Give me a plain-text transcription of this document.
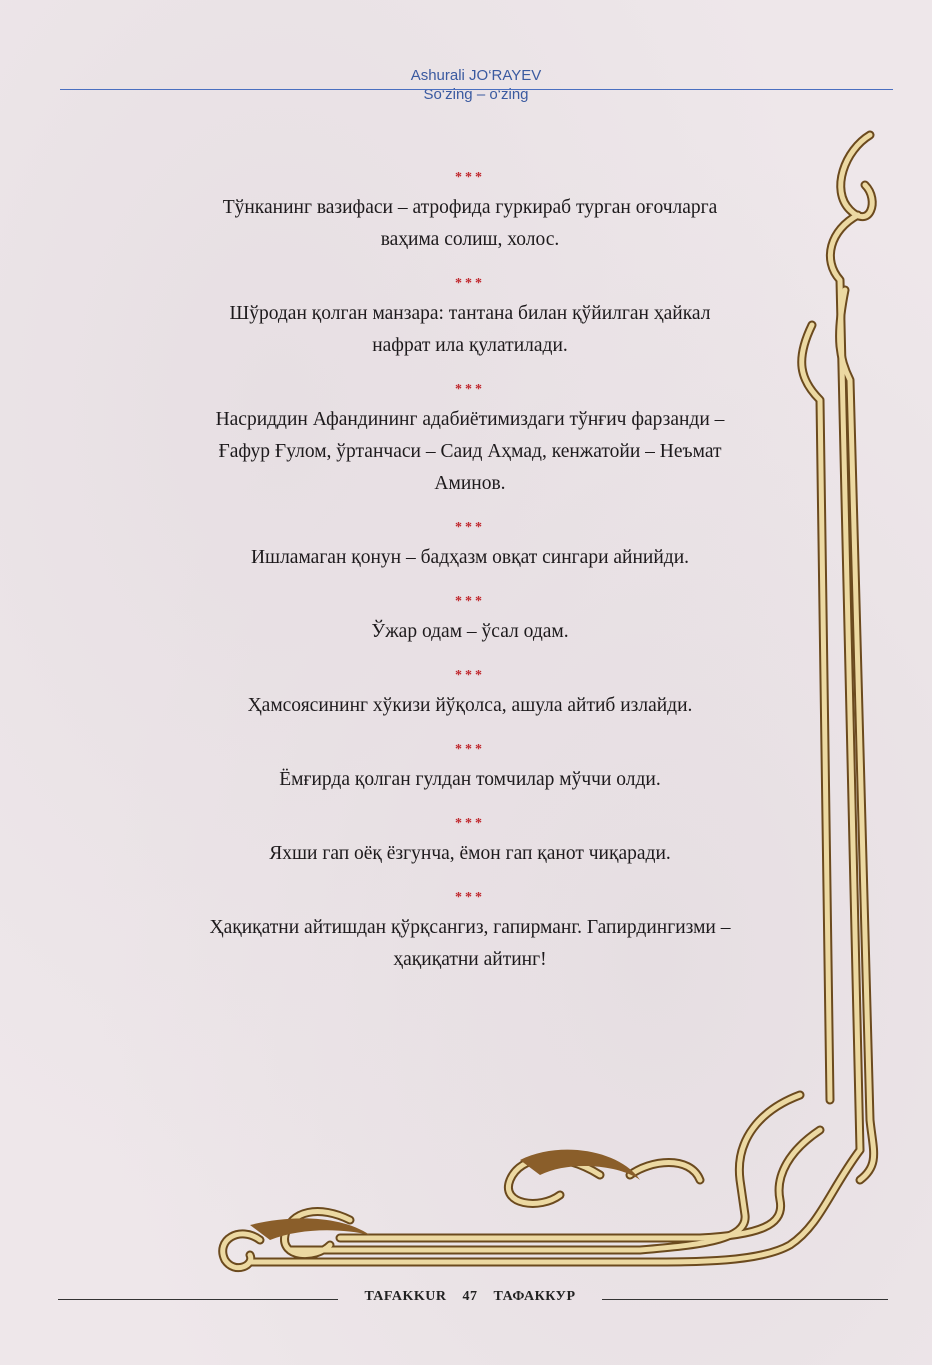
Ashurali JO‘RAYEV
So‘zing – o‘zing
***

Тўнканинг вазифаси – атрофида гуркираб турган оғочларга
ваҳима солиш, холос.

***

Шўродан қолган манзара: тантана билан қўйилган ҳайкал
нафрат ила қулатилади.

***

Насриддин Афандининг адабиётимиздаги тўнғич фарзанди –
Ғафур Ғулом, ўртанчаси – Саид Аҳмад, кенжатойи – Неъмат
Аминов.

***

Ишламаган қонун – бадҳазм овқат сингари айнийди.

***

Ўжар одам – ўсал одам.

***

Ҳамсоясининг хўкизи йўқолса, ашула айтиб излайди.

***

Ёмғирда қолган гулдан томчилар мўччи олди.

***

Яхши гап оёқ ёзгунча, ёмон гап қанот чиқаради.

***

Ҳақиқатни айтишдан қўрқсангиз, гапирманг. Гапирдингизми –
ҳақиқатни айтинг!

TAFAKKUR 47 ТАФАККУР
